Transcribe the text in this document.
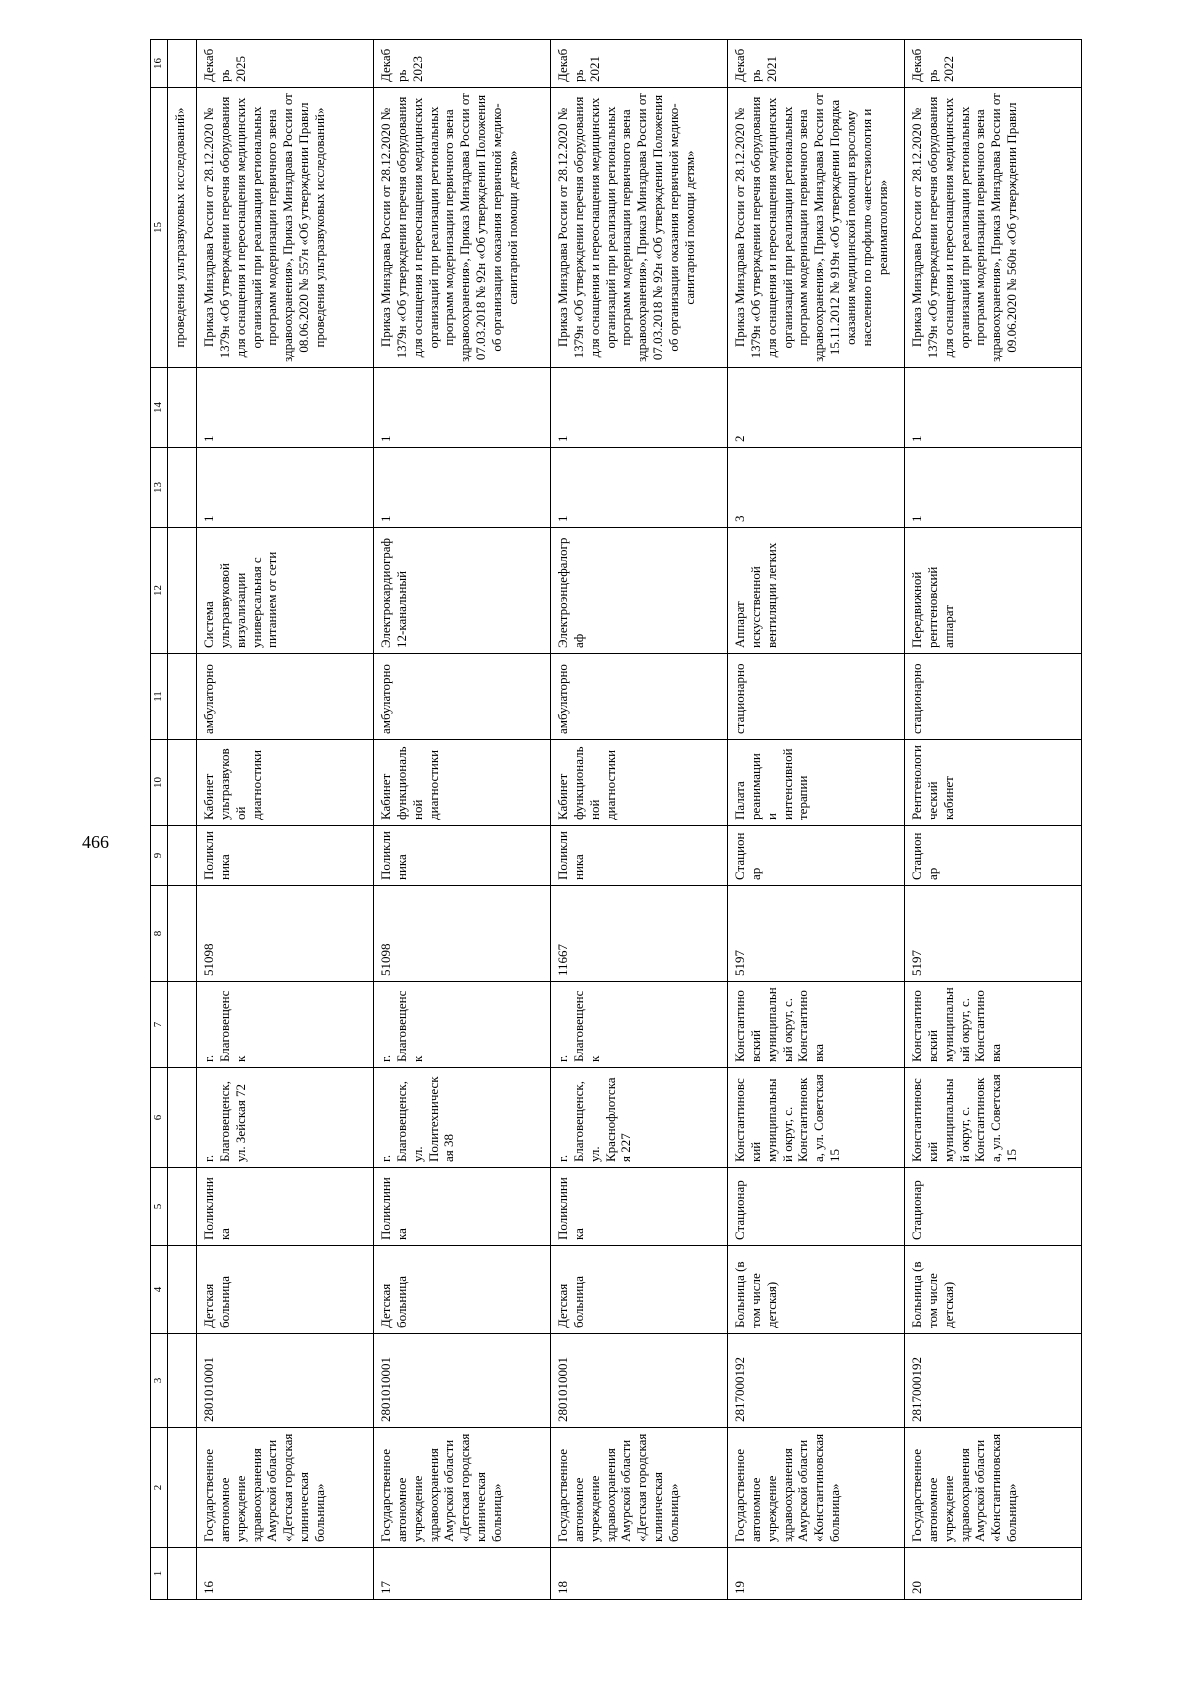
466
1	2	3	4	5	6	7	8	9	10	11	12	13	14	15	16
														проведения ультразвуковых исследований»	
16	Государственное автономное учреждение здравоохранения Амурской области «Детская городская клиническая больница»	2801010001	Детская больница	Поликлиника	г. Благовещенск, ул. Зейская 72	г. Благовещенск	51098	Поликлиника	Кабинет ультразвуковой диагностики	амбулаторно	Система ультразвуковой визуализации универсальная с питанием от сети	1	1	Приказ Минздрава России от 28.12.2020 № 1379н «Об утверждении перечня оборудования для оснащения и переоснащения медицинских организаций при реализации региональных программ модернизации первичного звена здравоохранения», Приказ Минздрава России от 08.06.2020 № 557н «Об утверждении Правил проведения ультразвуковых исследований»	Декабрь 2025
17	Государственное автономное учреждение здравоохранения Амурской области «Детская городская клиническая больница»	2801010001	Детская больница	Поликлиника	г. Благовещенск, ул. Политехническая 38	г. Благовещенск	51098	Поликлиника	Кабинет функциональной диагностики	амбулаторно	Электрокардиограф 12-канальный	1	1	Приказ Минздрава России от 28.12.2020 № 1379н «Об утверждении перечня оборудования для оснащения и переоснащения медицинских организаций при реализации региональных программ модернизации первичного звена здравоохранения», Приказ Минздрава России от 07.03.2018 № 92н «Об утверждении Положения об организации оказания первичной медико-санитарной помощи детям»	Декабрь 2023
18	Государственное автономное учреждение здравоохранения Амурской области «Детская городская клиническая больница»	2801010001	Детская больница	Поликлиника	г. Благовещенск, ул. Краснофлотская 227	г. Благовещенск	11667	Поликлиника	Кабинет функциональной диагностики	амбулаторно	Электроэнцефалограф	1	1	Приказ Минздрава России от 28.12.2020 № 1379н «Об утверждении перечня оборудования для оснащения и переоснащения медицинских организаций при реализации региональных программ модернизации первичного звена здравоохранения», Приказ Минздрава России от 07.03.2018 № 92н «Об утверждении Положения об организации оказания первичной медико-санитарной помощи детям»	Декабрь 2021
19	Государственное автономное учреждение здравоохранения Амурской области «Константиновская больница»	2817000192	Больница (в том числе детская)	Стационар	Константиновский муниципальный округ, с. Константиновка, ул. Советская 15	Константиновский муниципальный округ, с. Константиновка	5197	Стационар	Палата реанимации и интенсивной терапии	стационарно	Аппарат искусственной вентиляции легких	3	2	Приказ Минздрава России от 28.12.2020 № 1379н «Об утверждении перечня оборудования для оснащения и переоснащения медицинских организаций при реализации региональных программ модернизации первичного звена здравоохранения», Приказ Минздрава России от 15.11.2012 № 919н «Об утверждении Порядка оказания медицинской помощи взрослому населению по профилю «анестезиология и реаниматология»	Декабрь 2021
20	Государственное автономное учреждение здравоохранения Амурской области «Константиновская больница»	2817000192	Больница (в том числе детская)	Стационар	Константиновский муниципальный округ, с. Константиновка, ул. Советская 15	Константиновский муниципальный округ, с. Константиновка	5197	Стационар	Рентгенологический кабинет	стационарно	Передвижной рентгеновский аппарат	1	1	Приказ Минздрава России от 28.12.2020 № 1379н «Об утверждении перечня оборудования для оснащения и переоснащения медицинских организаций при реализации региональных программ модернизации первичного звена здравоохранения», Приказ Минздрава России от 09.06.2020 № 560н «Об утверждении Правил	Декабрь 2022
